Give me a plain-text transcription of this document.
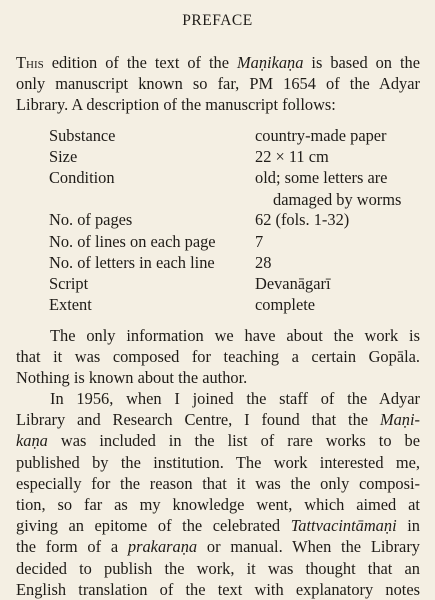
PREFACE
This edition of the text of the Maṇikaṇa is based on the
only manuscript known so far, PM 1654 of the Adyar
Library. A description of the manuscript follows:
Substance	country-made paper
Size	22 × 11 cm
Condition	old; some letters are
damaged by worms
No. of pages	62 (fols. 1-32)
No. of lines on each page 7
No. of letters in each line 28
Script	Devanāgarī
Extent	complete
The only information we have about the work is
that it was composed for teaching a certain Gopāla.
Nothing is known about the author.
In 1956, when I joined the staff of the Adyar
Library and Research Centre, I found that the Maṇi-
kaṇa was included in the list of rare works to be
published by the institution. The work interested me,
especially for the reason that it was the only composi-
tion, so far as my knowledge went, which aimed at
giving an epitome of the celebrated Tattvacintāmaṇi in
the form of a prakaraṇa or manual. When the Library
decided to publish the work, it was thought that an
English translation of the text with explanatory notes
